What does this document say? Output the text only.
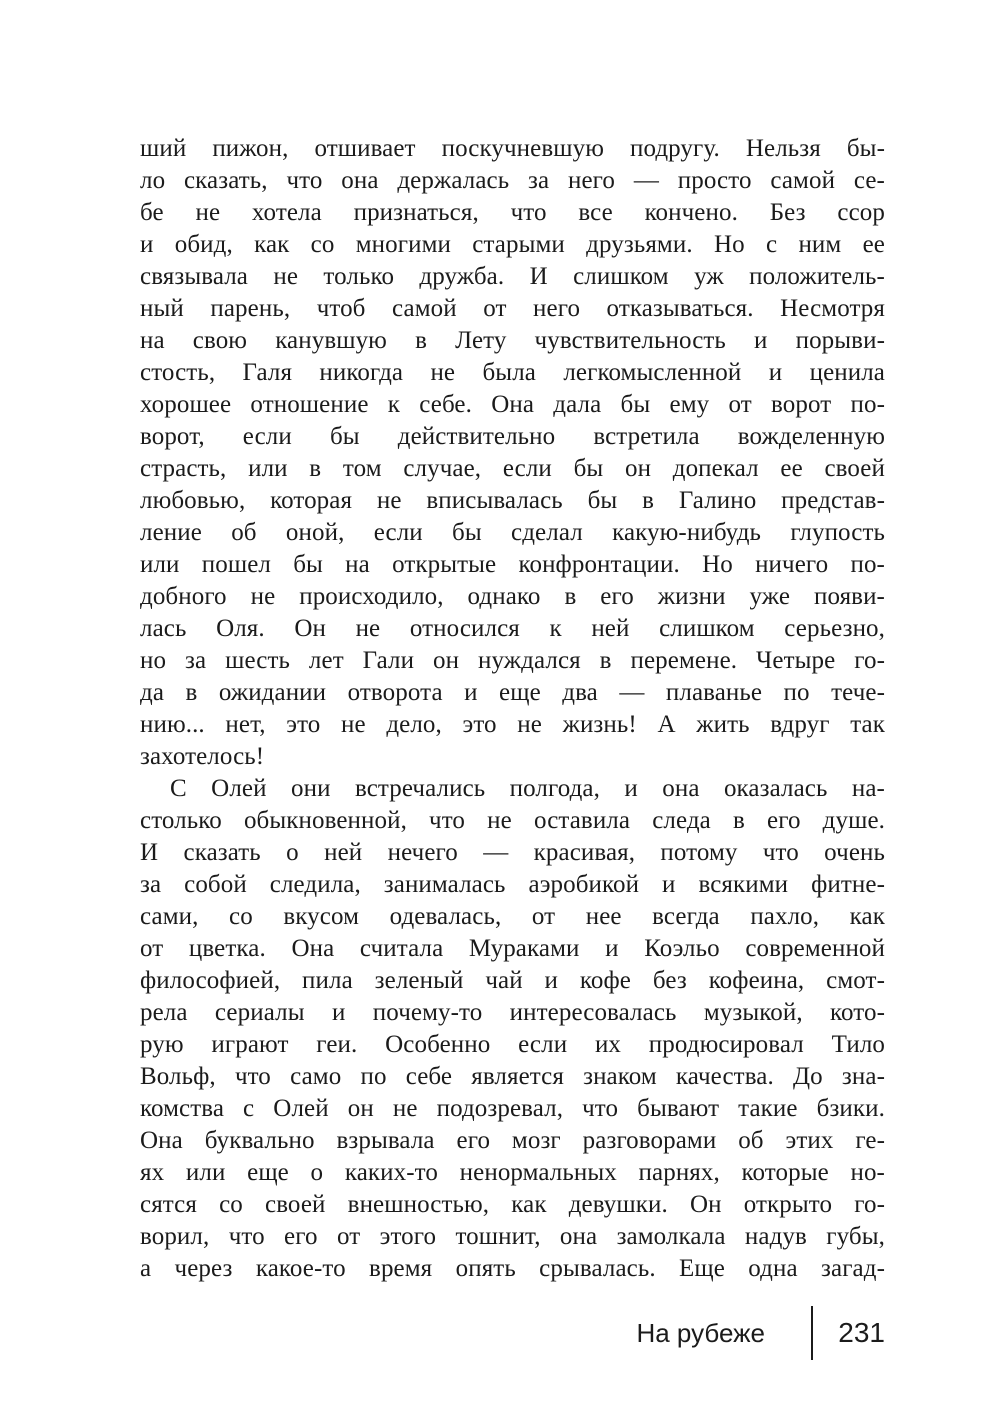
ший пижон, отшивает поскучневшую подругу. Нельзя бы-
ло сказать, что она держалась за него — просто самой се-
бе не хотела признаться, что все кончено. Без ссор
и обид, как со многими старыми друзьями. Но с ним ее
связывала не только дружба. И слишком уж положитель-
ный парень, чтоб самой от него отказываться. Несмотря
на свою канувшую в Лету чувствительность и порыви-
стость, Галя никогда не была легкомысленной и ценила
хорошее отношение к себе. Она дала бы ему от ворот по-
ворот, если бы действительно встретила вожделенную
страсть, или в том случае, если бы он допекал ее своей
любовью, которая не вписывалась бы в Галино представ-
ление об оной, если бы сделал какую-нибудь глупость
или пошел бы на открытые конфронтации. Но ничего по-
добного не происходило, однако в его жизни уже появи-
лась Оля. Он не относился к ней слишком серьезно,
но за шесть лет Гали он нуждался в перемене. Четыре го-
да в ожидании отворота и еще два — плаванье по тече-
нию... нет, это не дело, это не жизнь! А жить вдруг так
захотелось!
С Олей они встречались полгода, и она оказалась на-
столько обыкновенной, что не оставила следа в его душе.
И сказать о ней нечего — красивая, потому что очень
за собой следила, занималась аэробикой и всякими фитне-
сами, со вкусом одевалась, от нее всегда пахло, как
от цветка. Она считала Мураками и Коэльо современной
философией, пила зеленый чай и кофе без кофеина, смот-
рела сериалы и почему-то интересовалась музыкой, кото-
рую играют геи. Особенно если их продюсировал Тило
Вольф, что само по себе является знаком качества. До зна-
комства с Олей он не подозревал, что бывают такие бзики.
Она буквально взрывала его мозг разговорами об этих ге-
ях или еще о каких-то ненормальных парнях, которые но-
сятся со своей внешностью, как девушки. Он открыто го-
ворил, что его от этого тошнит, она замолкала надув губы,
а через какое-то время опять срывалась. Еще одна загад-
На рубеже	231
